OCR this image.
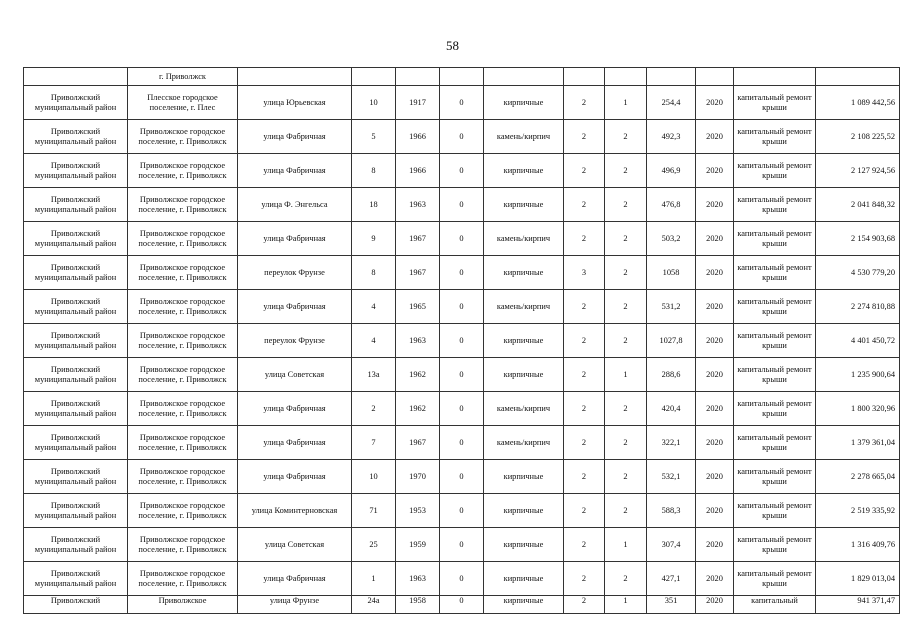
58
	г. Приволжск											
Приволжский муниципальный район	Плесское городское поселение, г. Плес	улица Юрьевская	10	1917	0	кирпичные	2	1	254,4	2020	капитальный ремонт крыши	1 089 442,56
Приволжский муниципальный район	Приволжское городское поселение, г. Приволжск	улица Фабричная	5	1966	0	камень/кирпич	2	2	492,3	2020	капитальный ремонт крыши	2 108 225,52
Приволжский муниципальный район	Приволжское городское поселение, г. Приволжск	улица Фабричная	8	1966	0	кирпичные	2	2	496,9	2020	капитальный ремонт крыши	2 127 924,56
Приволжский муниципальный район	Приволжское городское поселение, г. Приволжск	улица Ф. Энгельса	18	1963	0	кирпичные	2	2	476,8	2020	капитальный ремонт крыши	2 041 848,32
Приволжский муниципальный район	Приволжское городское поселение, г. Приволжск	улица Фабричная	9	1967	0	камень/кирпич	2	2	503,2	2020	капитальный ремонт крыши	2 154 903,68
Приволжский муниципальный район	Приволжское городское поселение, г. Приволжск	переулок Фрунзе	8	1967	0	кирпичные	3	2	1058	2020	капитальный ремонт крыши	4 530 779,20
Приволжский муниципальный район	Приволжское городское поселение, г. Приволжск	улица Фабричная	4	1965	0	камень/кирпич	2	2	531,2	2020	капитальный ремонт крыши	2 274 810,88
Приволжский муниципальный район	Приволжское городское поселение, г. Приволжск	переулок Фрунзе	4	1963	0	кирпичные	2	2	1027,8	2020	капитальный ремонт крыши	4 401 450,72
Приволжский муниципальный район	Приволжское городское поселение, г. Приволжск	улица Советская	13а	1962	0	кирпичные	2	1	288,6	2020	капитальный ремонт крыши	1 235 900,64
Приволжский муниципальный район	Приволжское городское поселение, г. Приволжск	улица Фабричная	2	1962	0	камень/кирпич	2	2	420,4	2020	капитальный ремонт крыши	1 800 320,96
Приволжский муниципальный район	Приволжское городское поселение, г. Приволжск	улица Фабричная	7	1967	0	камень/кирпич	2	2	322,1	2020	капитальный ремонт крыши	1 379 361,04
Приволжский муниципальный район	Приволжское городское поселение, г. Приволжск	улица Фабричная	10	1970	0	кирпичные	2	2	532,1	2020	капитальный ремонт крыши	2 278 665,04
Приволжский муниципальный район	Приволжское городское поселение, г. Приволжск	улица Коминтерновская	71	1953	0	кирпичные	2	2	588,3	2020	капитальный ремонт крыши	2 519 335,92
Приволжский муниципальный район	Приволжское городское поселение, г. Приволжск	улица Советская	25	1959	0	кирпичные	2	1	307,4	2020	капитальный ремонт крыши	1 316 409,76
Приволжский муниципальный район	Приволжское городское поселение, г. Приволжск	улица Фабричная	1	1963	0	кирпичные	2	2	427,1	2020	капитальный ремонт крыши	1 829 013,04
Приволжский	Приволжское	улица Фрунзе	24а	1958	0	кирпичные	2	1	351	2020	капитальный	941 371,47
